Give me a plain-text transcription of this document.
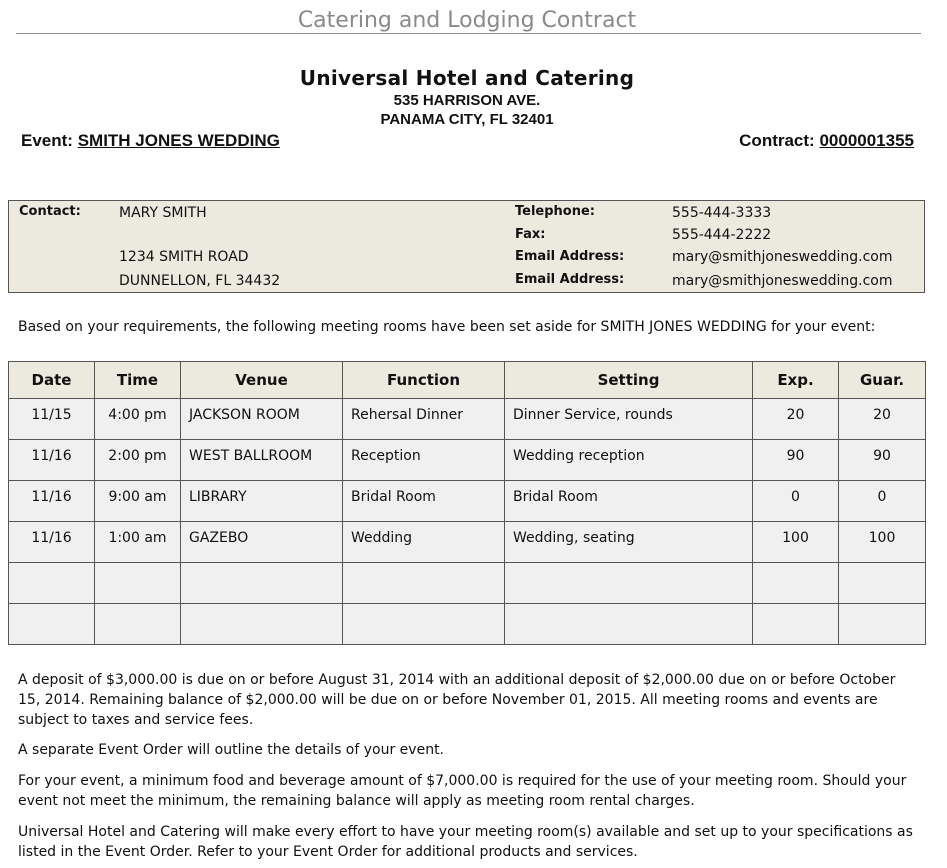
Catering and Lodging Contract
Universal Hotel and Catering
535 HARRISON AVE.
PANAMA CITY, FL 32401
Event: SMITH JONES WEDDING	Contract: 0000001355
Contact:	MARY SMITH
1234 SMITH ROAD
DUNNELLON, FL 34432
Telephone:	555-444-3333
Fax:	555-444-2222
Email Address:	mary@smithjoneswedding.com
Email Address:	mary@smithjoneswedding.com
Based on your requirements, the following meeting rooms have been set aside for SMITH JONES WEDDING for your event:
Date	Time	Venue	Function	Setting	Exp.	Guar.
11/15	4:00 pm	JACKSON ROOM	Rehersal Dinner	Dinner Service, rounds	20	20
11/16	2:00 pm	WEST BALLROOM	Reception	Wedding reception	90	90
11/16	9:00 am	LIBRARY	Bridal Room	Bridal Room	0	0
11/16	1:00 am	GAZEBO	Wedding	Wedding, seating	100	100

A deposit of $3,000.00 is due on or before August 31, 2014 with an additional deposit of $2,000.00 due on or before October 15, 2014. Remaining balance of $2,000.00 will be due on or before November 01, 2015. All meeting rooms and events are subject to taxes and service fees.
A separate Event Order will outline the details of your event.
For your event, a minimum food and beverage amount of $7,000.00 is required for the use of your meeting room. Should your event not meet the minimum, the remaining balance will apply as meeting room rental charges.
Universal Hotel and Catering will make every effort to have your meeting room(s) available and set up to your specifications as listed in the Event Order. Refer to your Event Order for additional products and services.
